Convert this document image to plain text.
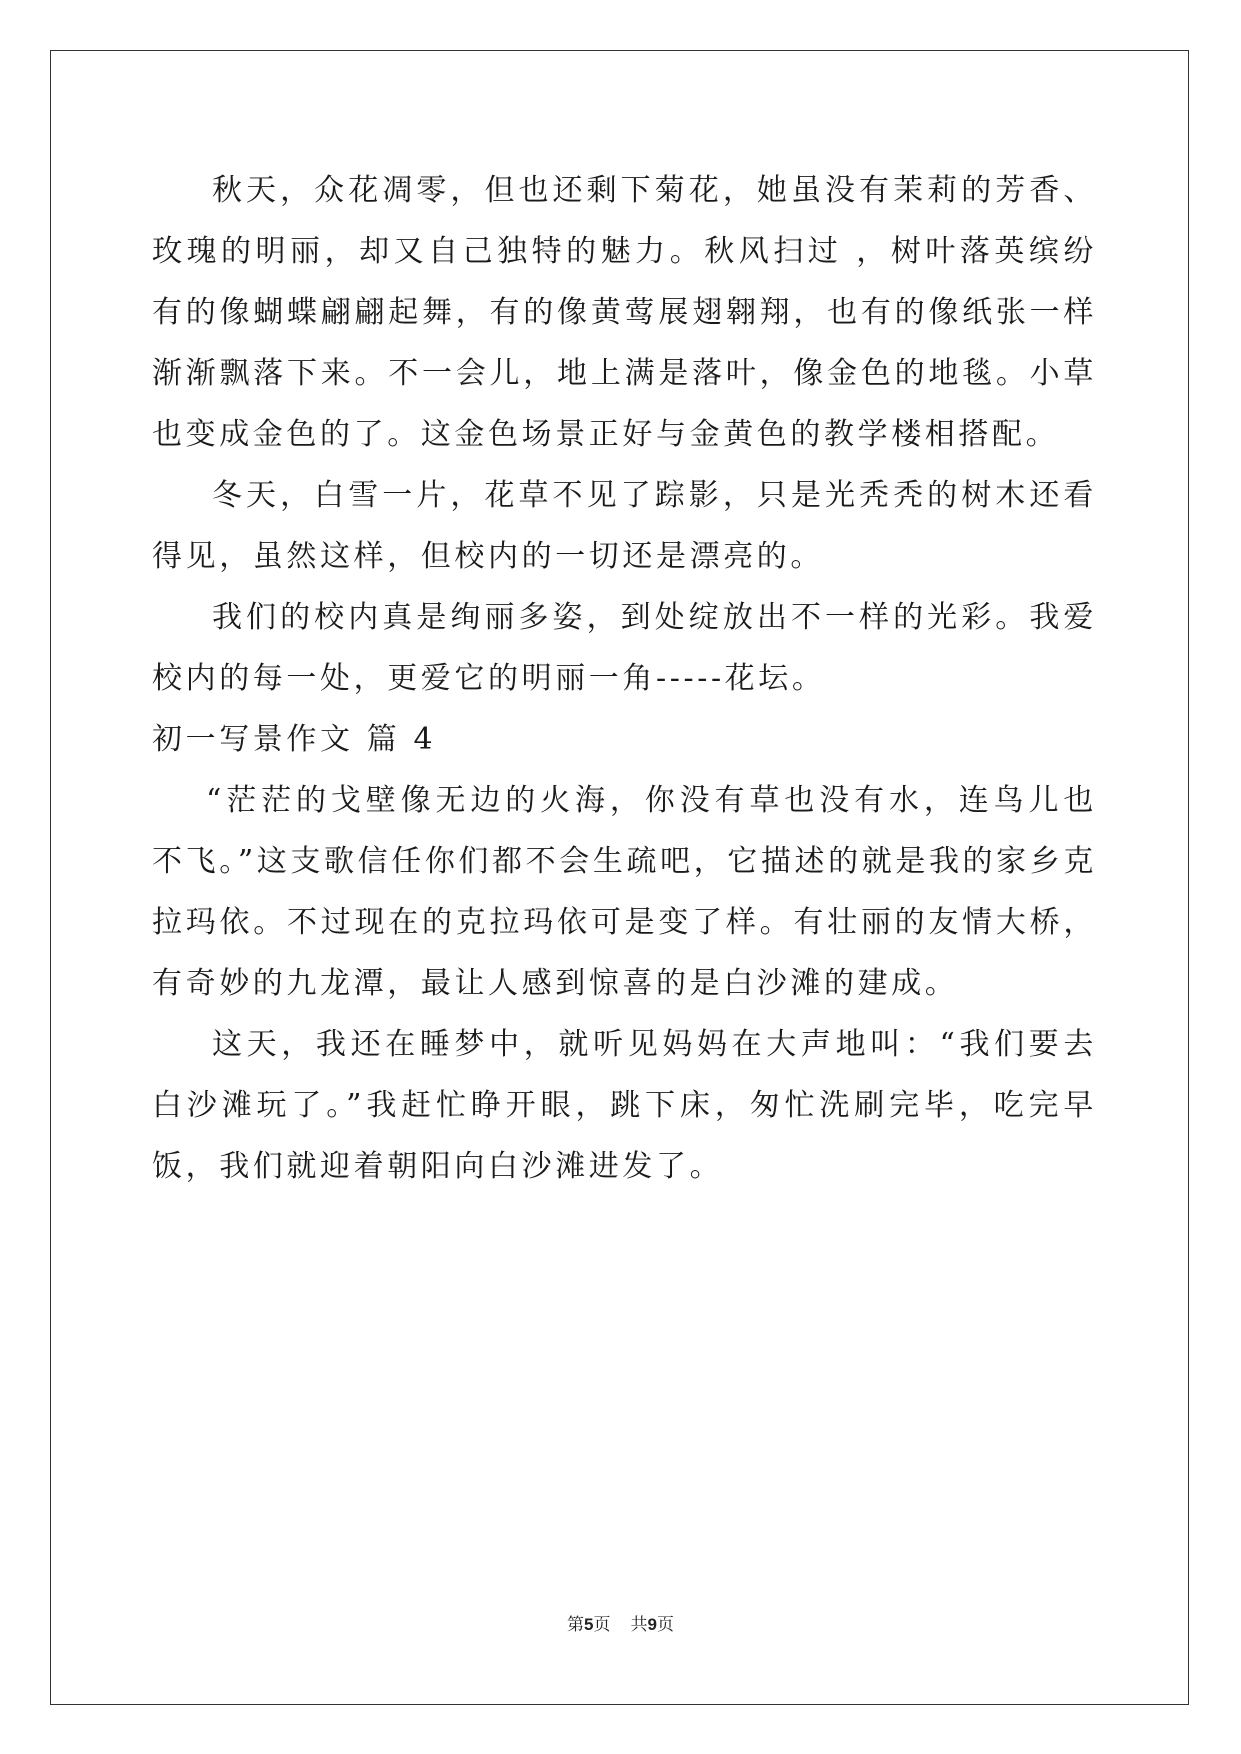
秋天，众花凋零，但也还剩下菊花，她虽没有茉莉的芳香、玫瑰的明丽，却又自己独特的魅力。秋风扫过 ，树叶落英缤纷有的像蝴蝶翩翩起舞，有的像黄莺展翅翱翔，也有的像纸张一样渐渐飘落下来。不一会儿，地上满是落叶，像金色的地毯。小草也变成金色的了。这金色场景正好与金黄色的教学楼相搭配。

冬天，白雪一片，花草不见了踪影，只是光秃秃的树木还看得见，虽然这样，但校内的一切还是漂亮的。

我们的校内真是绚丽多姿，到处绽放出不一样的光彩。我爱校内的每一处，更爱它的明丽一角-----花坛。

初一写景作文 篇 4

“茫茫的戈壁像无边的火海，你没有草也没有水，连鸟儿也不飞。”这支歌信任你们都不会生疏吧，它描述的就是我的家乡克拉玛依。不过现在的克拉玛依可是变了样。有壮丽的友情大桥，有奇妙的九龙潭，最让人感到惊喜的是白沙滩的建成。

这天，我还在睡梦中，就听见妈妈在大声地叫：“我们要去白沙滩玩了。”我赶忙睁开眼，跳下床，匆忙洗刷完毕，吃完早饭，我们就迎着朝阳向白沙滩进发了。

第5页 共9页
